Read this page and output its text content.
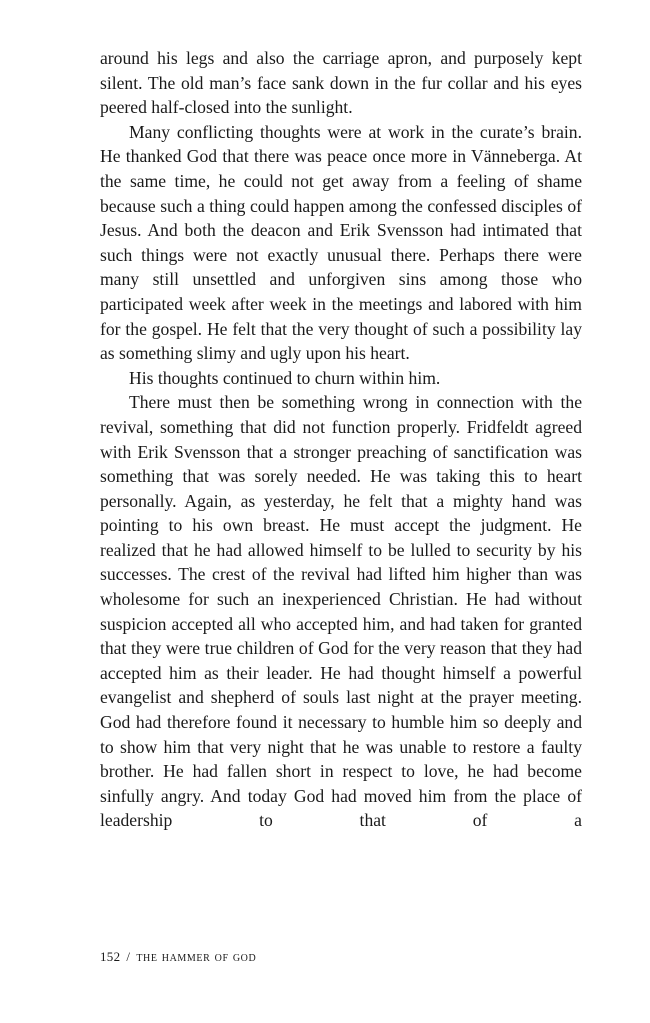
around his legs and also the carriage apron, and purposely kept silent. The old man’s face sank down in the fur collar and his eyes peered half-closed into the sunlight.

Many conflicting thoughts were at work in the curate’s brain. He thanked God that there was peace once more in Vänneberga. At the same time, he could not get away from a feeling of shame because such a thing could happen among the confessed disciples of Jesus. And both the deacon and Erik Svensson had intimated that such things were not exactly unusual there. Perhaps there were many still unsettled and unforgiven sins among those who participated week after week in the meetings and labored with him for the gospel. He felt that the very thought of such a possibility lay as something slimy and ugly upon his heart.

His thoughts continued to churn within him.

There must then be something wrong in connection with the revival, something that did not function properly. Fridfeldt agreed with Erik Svensson that a stronger preaching of sanctification was something that was sorely needed. He was taking this to heart personally. Again, as yesterday, he felt that a mighty hand was pointing to his own breast. He must accept the judgment. He realized that he had allowed himself to be lulled to security by his successes. The crest of the revival had lifted him higher than was wholesome for such an inexperienced Christian. He had without suspicion accepted all who accepted him, and had taken for granted that they were true children of God for the very reason that they had accepted him as their leader. He had thought himself a powerful evangelist and shepherd of souls last night at the prayer meeting. God had therefore found it necessary to humble him so deeply and to show him that very night that he was unable to restore a faulty brother. He had fallen short in respect to love, he had become sinfully angry. And today God had moved him from the place of leadership to that of a

152 / the hammer of god
